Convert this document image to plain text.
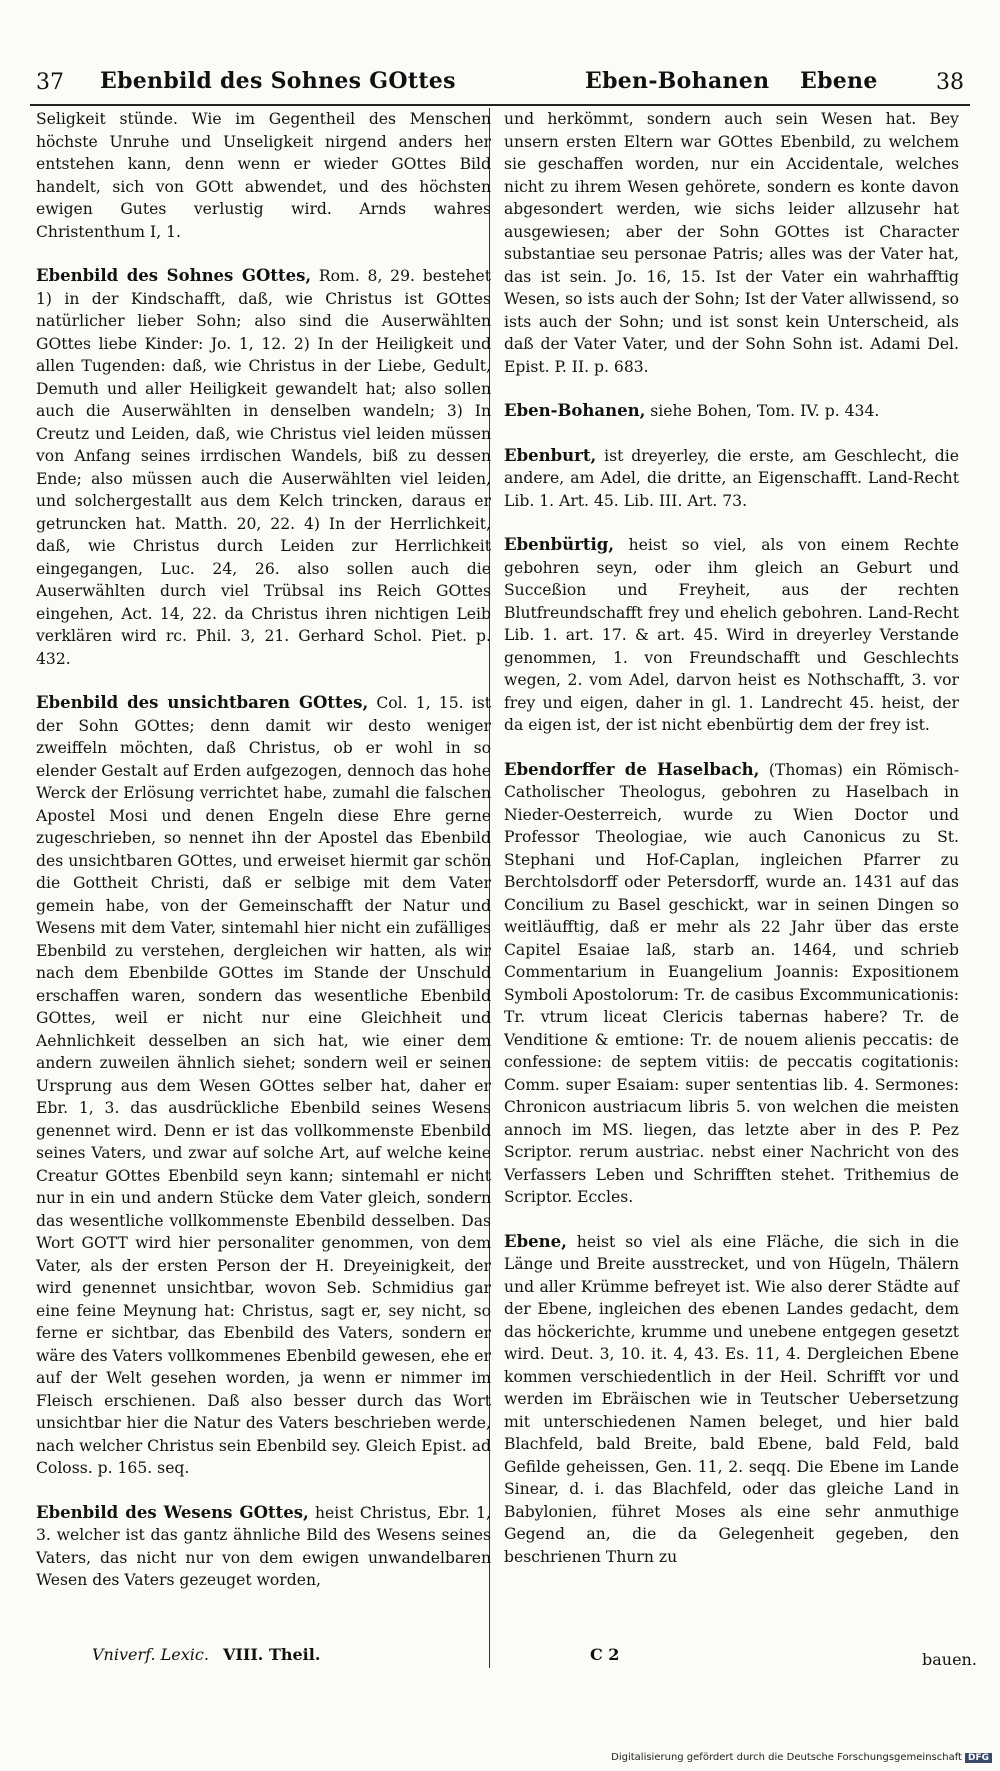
37 Ebenbild des Sohnes GOttes	Eben-Bohanen Ebene	38

Seligkeit stünde. Wie im Gegentheil des Menschen höchste Unruhe und Unseligkeit nirgend anders her entstehen kann, denn wenn er wieder GOttes Bild handelt, sich von GOtt abwendet, und des höchsten ewigen Gutes verlustig wird. Arnds wahres Christenthum I, 1.

Ebenbild des Sohnes GOttes, Rom. 8, 29. bestehet 1) in der Kindschafft, daß, wie Christus ist GOttes natürlicher lieber Sohn; also sind die Auserwählten GOttes liebe Kinder: Jo. 1, 12. 2) In der Heiligkeit und allen Tugenden: daß, wie Christus in der Liebe, Gedult, Demuth und aller Heiligkeit gewandelt hat; also sollen auch die Auserwählten in denselben wandeln; 3) In Creutz und Leiden, daß, wie Christus viel leiden müssen von Anfang seines irrdischen Wandels, biß zu dessen Ende; also müssen auch die Auserwählten viel leiden, und solchergestallt aus dem Kelch trincken, daraus er getruncken hat. Matth. 20, 22. 4) In der Herrlichkeit, daß, wie Christus durch Leiden zur Herrlichkeit eingegangen, Luc. 24, 26. also sollen auch die Auserwählten durch viel Trübsal ins Reich GOttes eingehen, Act. 14, 22. da Christus ihren nichtigen Leib verklären wird rc. Phil. 3, 21. Gerhard Schol. Piet. p. 432.

Ebenbild des unsichtbaren GOttes, Col. 1, 15. ist der Sohn GOttes; denn damit wir desto weniger zweiffeln möchten, daß Christus, ob er wohl in so elender Gestalt auf Erden aufgezogen, dennoch das hohe Werck der Erlösung verrichtet habe, zumahl die falschen Apostel Mosi und denen Engeln diese Ehre gerne zugeschrieben, so nennet ihn der Apostel das Ebenbild des unsichtbaren GOttes, und erweiset hiermit gar schön die Gottheit Christi, daß er selbige mit dem Vater gemein habe, von der Gemeinschafft der Natur und Wesens mit dem Vater, sintemahl hier nicht ein zufälliges Ebenbild zu verstehen, dergleichen wir hatten, als wir nach dem Ebenbilde GOttes im Stande der Unschuld erschaffen waren, sondern das wesentliche Ebenbild GOttes, weil er nicht nur eine Gleichheit und Aehnlichkeit desselben an sich hat, wie einer dem andern zuweilen ähnlich siehet; sondern weil er seinen Ursprung aus dem Wesen GOttes selber hat, daher er Ebr. 1, 3. das ausdrückliche Ebenbild seines Wesens genennet wird. Denn er ist das vollkommenste Ebenbild seines Vaters, und zwar auf solche Art, auf welche keine Creatur GOttes Ebenbild seyn kann; sintemahl er nicht nur in ein und andern Stücke dem Vater gleich, sondern das wesentliche vollkommenste Ebenbild desselben. Das Wort GOTT wird hier personaliter genommen, von dem Vater, als der ersten Person der H. Dreyeinigkeit, der wird genennet unsichtbar, wovon Seb. Schmidius gar eine feine Meynung hat: Christus, sagt er, sey nicht, so ferne er sichtbar, das Ebenbild des Vaters, sondern er wäre des Vaters vollkommenes Ebenbild gewesen, ehe er auf der Welt gesehen worden, ja wenn er nimmer im Fleisch erschienen. Daß also besser durch das Wort unsichtbar hier die Natur des Vaters beschrieben werde, nach welcher Christus sein Ebenbild sey. Gleich Epist. ad Coloss. p. 165. seq.

Ebenbild des Wesens GOttes, heist Christus, Ebr. 1, 3. welcher ist das gantz ähnliche Bild des Wesens seines Vaters, das nicht nur von dem ewigen unwandelbaren Wesen des Vaters gezeuget worden,

und herkömmt, sondern auch sein Wesen hat. Bey unsern ersten Eltern war GOttes Ebenbild, zu welchem sie geschaffen worden, nur ein Accidentale, welches nicht zu ihrem Wesen gehörete, sondern es konte davon abgesondert werden, wie sichs leider allzusehr hat ausgewiesen; aber der Sohn GOttes ist Character substantiae seu personae Patris; alles was der Vater hat, das ist sein. Jo. 16, 15. Ist der Vater ein wahrhafftig Wesen, so ists auch der Sohn; Ist der Vater allwissend, so ists auch der Sohn; und ist sonst kein Unterscheid, als daß der Vater Vater, und der Sohn Sohn ist. Adami Del. Epist. P. II. p. 683.

Eben-Bohanen, siehe Bohen, Tom. IV. p. 434.

Ebenburt, ist dreyerley, die erste, am Geschlecht, die andere, am Adel, die dritte, an Eigenschafft. Land-Recht Lib. 1. Art. 45. Lib. III. Art. 73.

Ebenbürtig, heist so viel, als von einem Rechte gebohren seyn, oder ihm gleich an Geburt und Succeßion und Freyheit, aus der rechten Blutfreundschafft frey und ehelich gebohren. Land-Recht Lib. 1. art. 17. & art. 45. Wird in dreyerley Verstande genommen, 1. von Freundschafft und Geschlechts wegen, 2. vom Adel, darvon heist es Nothschafft, 3. vor frey und eigen, daher in gl. 1. Landrecht 45. heist, der da eigen ist, der ist nicht ebenbürtig dem der frey ist.

Ebendorffer de Haselbach, (Thomas) ein Römisch-Catholischer Theologus, gebohren zu Haselbach in Nieder-Oesterreich, wurde zu Wien Doctor und Professor Theologiae, wie auch Canonicus zu St. Stephani und Hof-Caplan, ingleichen Pfarrer zu Berchtolsdorff oder Petersdorff, wurde an. 1431 auf das Concilium zu Basel geschickt, war in seinen Dingen so weitläufftig, daß er mehr als 22 Jahr über das erste Capitel Esaiae laß, starb an. 1464, und schrieb Commentarium in Euangelium Joannis: Expositionem Symboli Apostolorum: Tr. de casibus Excommunicationis: Tr. vtrum liceat Clericis tabernas habere? Tr. de Venditione & emtione: Tr. de nouem alienis peccatis: de confessione: de septem vitiis: de peccatis cogitationis: Comm. super Esaiam: super sententias lib. 4. Sermones: Chronicon austriacum libris 5. von welchen die meisten annoch im MS. liegen, das letzte aber in des P. Pez Scriptor. rerum austriac. nebst einer Nachricht von des Verfassers Leben und Schrifften stehet. Trithemius de Scriptor. Eccles.

Ebene, heist so viel als eine Fläche, die sich in die Länge und Breite ausstrecket, und von Hügeln, Thälern und aller Krümme befreyet ist. Wie also derer Städte auf der Ebene, ingleichen des ebenen Landes gedacht, dem das höckerichte, krumme und unebene entgegen gesetzt wird. Deut. 3, 10. it. 4, 43. Es. 11, 4. Dergleichen Ebene kommen verschiedentlich in der Heil. Schrifft vor und werden im Ebräischen wie in Teutscher Uebersetzung mit unterschiedenen Namen beleget, und hier bald Blachfeld, bald Breite, bald Ebene, bald Feld, bald Gefilde geheissen, Gen. 11, 2. seqq. Die Ebene im Lande Sinear, d. i. das Blachfeld, oder das gleiche Land in Babylonien, führet Moses als eine sehr anmuthige Gegend an, die da Gelegenheit gegeben, den beschrienen Thurn zu

Vniverf. Lexic. VIII. Theil.	C 2	bauen.
Digitalisierung gefördert durch die Deutsche Forschungsgemeinschaft DFG
